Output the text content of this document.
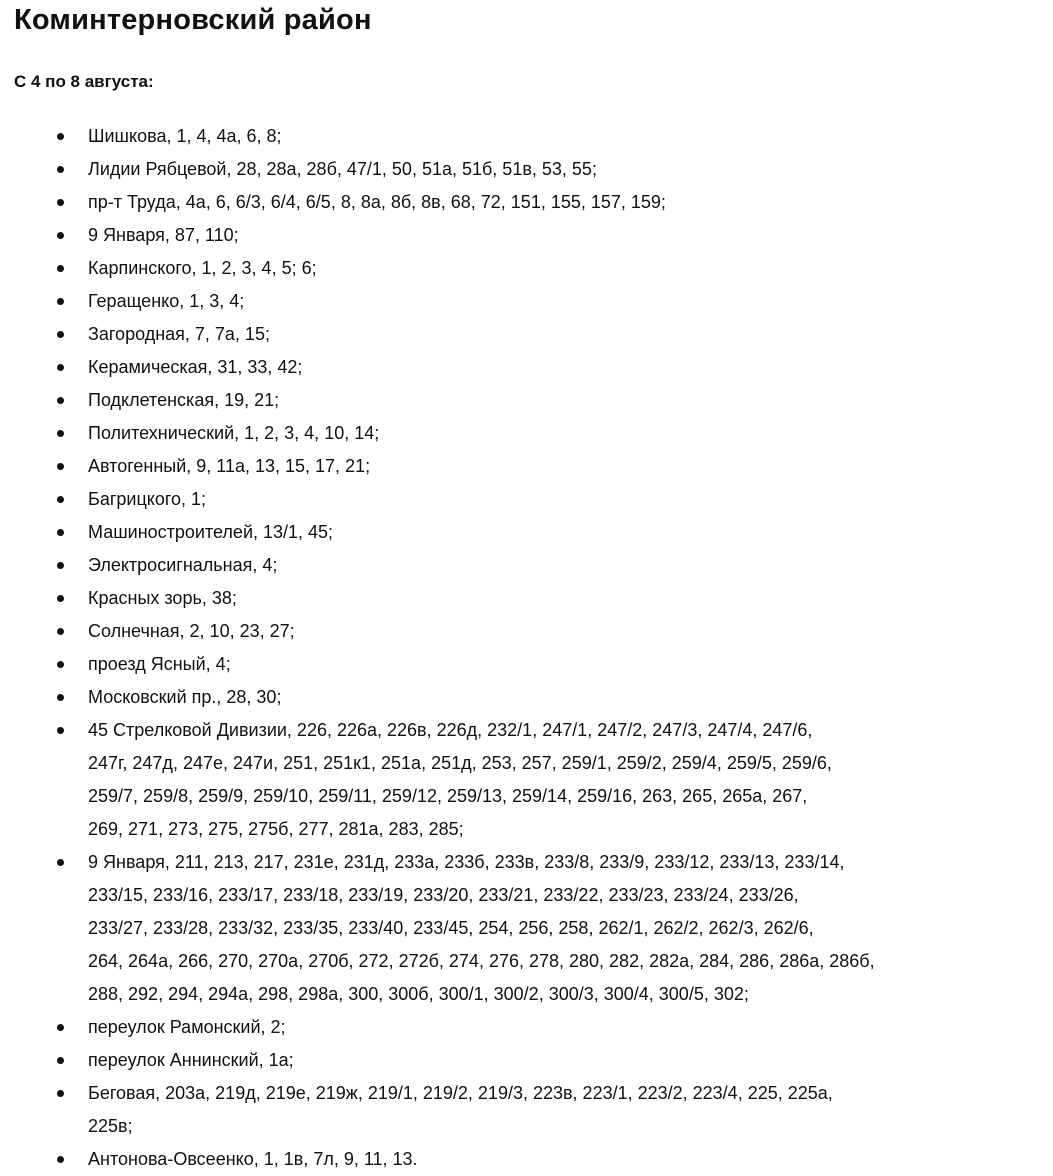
Коминтерновский район
С 4 по 8 августа:
Шишкова, 1, 4, 4а, 6, 8;
Лидии Рябцевой, 28, 28а, 28б, 47/1, 50, 51а, 51б, 51в, 53, 55;
пр-т Труда, 4а, 6, 6/3, 6/4, 6/5, 8, 8а, 8б, 8в, 68, 72, 151, 155, 157, 159;
9 Января, 87, 110;
Карпинского, 1, 2, 3, 4, 5; 6;
Геращенко, 1, 3, 4;
Загородная, 7, 7а, 15;
Керамическая, 31, 33, 42;
Подклетенская, 19, 21;
Политехнический, 1, 2, 3, 4, 10, 14;
Автогенный, 9, 11а, 13, 15, 17, 21;
Багрицкого, 1;
Машиностроителей, 13/1, 45;
Электросигнальная, 4;
Красных зорь, 38;
Солнечная, 2, 10, 23, 27;
проезд Ясный, 4;
Московский пр., 28, 30;
45 Стрелковой Дивизии, 226, 226а, 226в, 226д, 232/1, 247/1, 247/2, 247/3, 247/4, 247/6,
247г, 247д, 247е, 247и, 251, 251к1, 251а, 251д, 253, 257, 259/1, 259/2, 259/4, 259/5, 259/6,
259/7, 259/8, 259/9, 259/10, 259/11, 259/12, 259/13, 259/14, 259/16, 263, 265, 265а, 267,
269, 271, 273, 275, 275б, 277, 281а, 283, 285;
9 Января, 211, 213, 217, 231е, 231д, 233а, 233б, 233в, 233/8, 233/9, 233/12, 233/13, 233/14,
233/15, 233/16, 233/17, 233/18, 233/19, 233/20, 233/21, 233/22, 233/23, 233/24, 233/26,
233/27, 233/28, 233/32, 233/35, 233/40, 233/45, 254, 256, 258, 262/1, 262/2, 262/3, 262/6,
264, 264а, 266, 270, 270а, 270б, 272, 272б, 274, 276, 278, 280, 282, 282а, 284, 286, 286а, 286б,
288, 292, 294, 294а, 298, 298а, 300, 300б, 300/1, 300/2, 300/3, 300/4, 300/5, 302;
переулок Рамонский, 2;
переулок Аннинский, 1а;
Беговая, 203а, 219д, 219е, 219ж, 219/1, 219/2, 219/3, 223в, 223/1, 223/2, 223/4, 225, 225а,
225в;
Антонова-Овсеенко, 1, 1в, 7л, 9, 11, 13.
